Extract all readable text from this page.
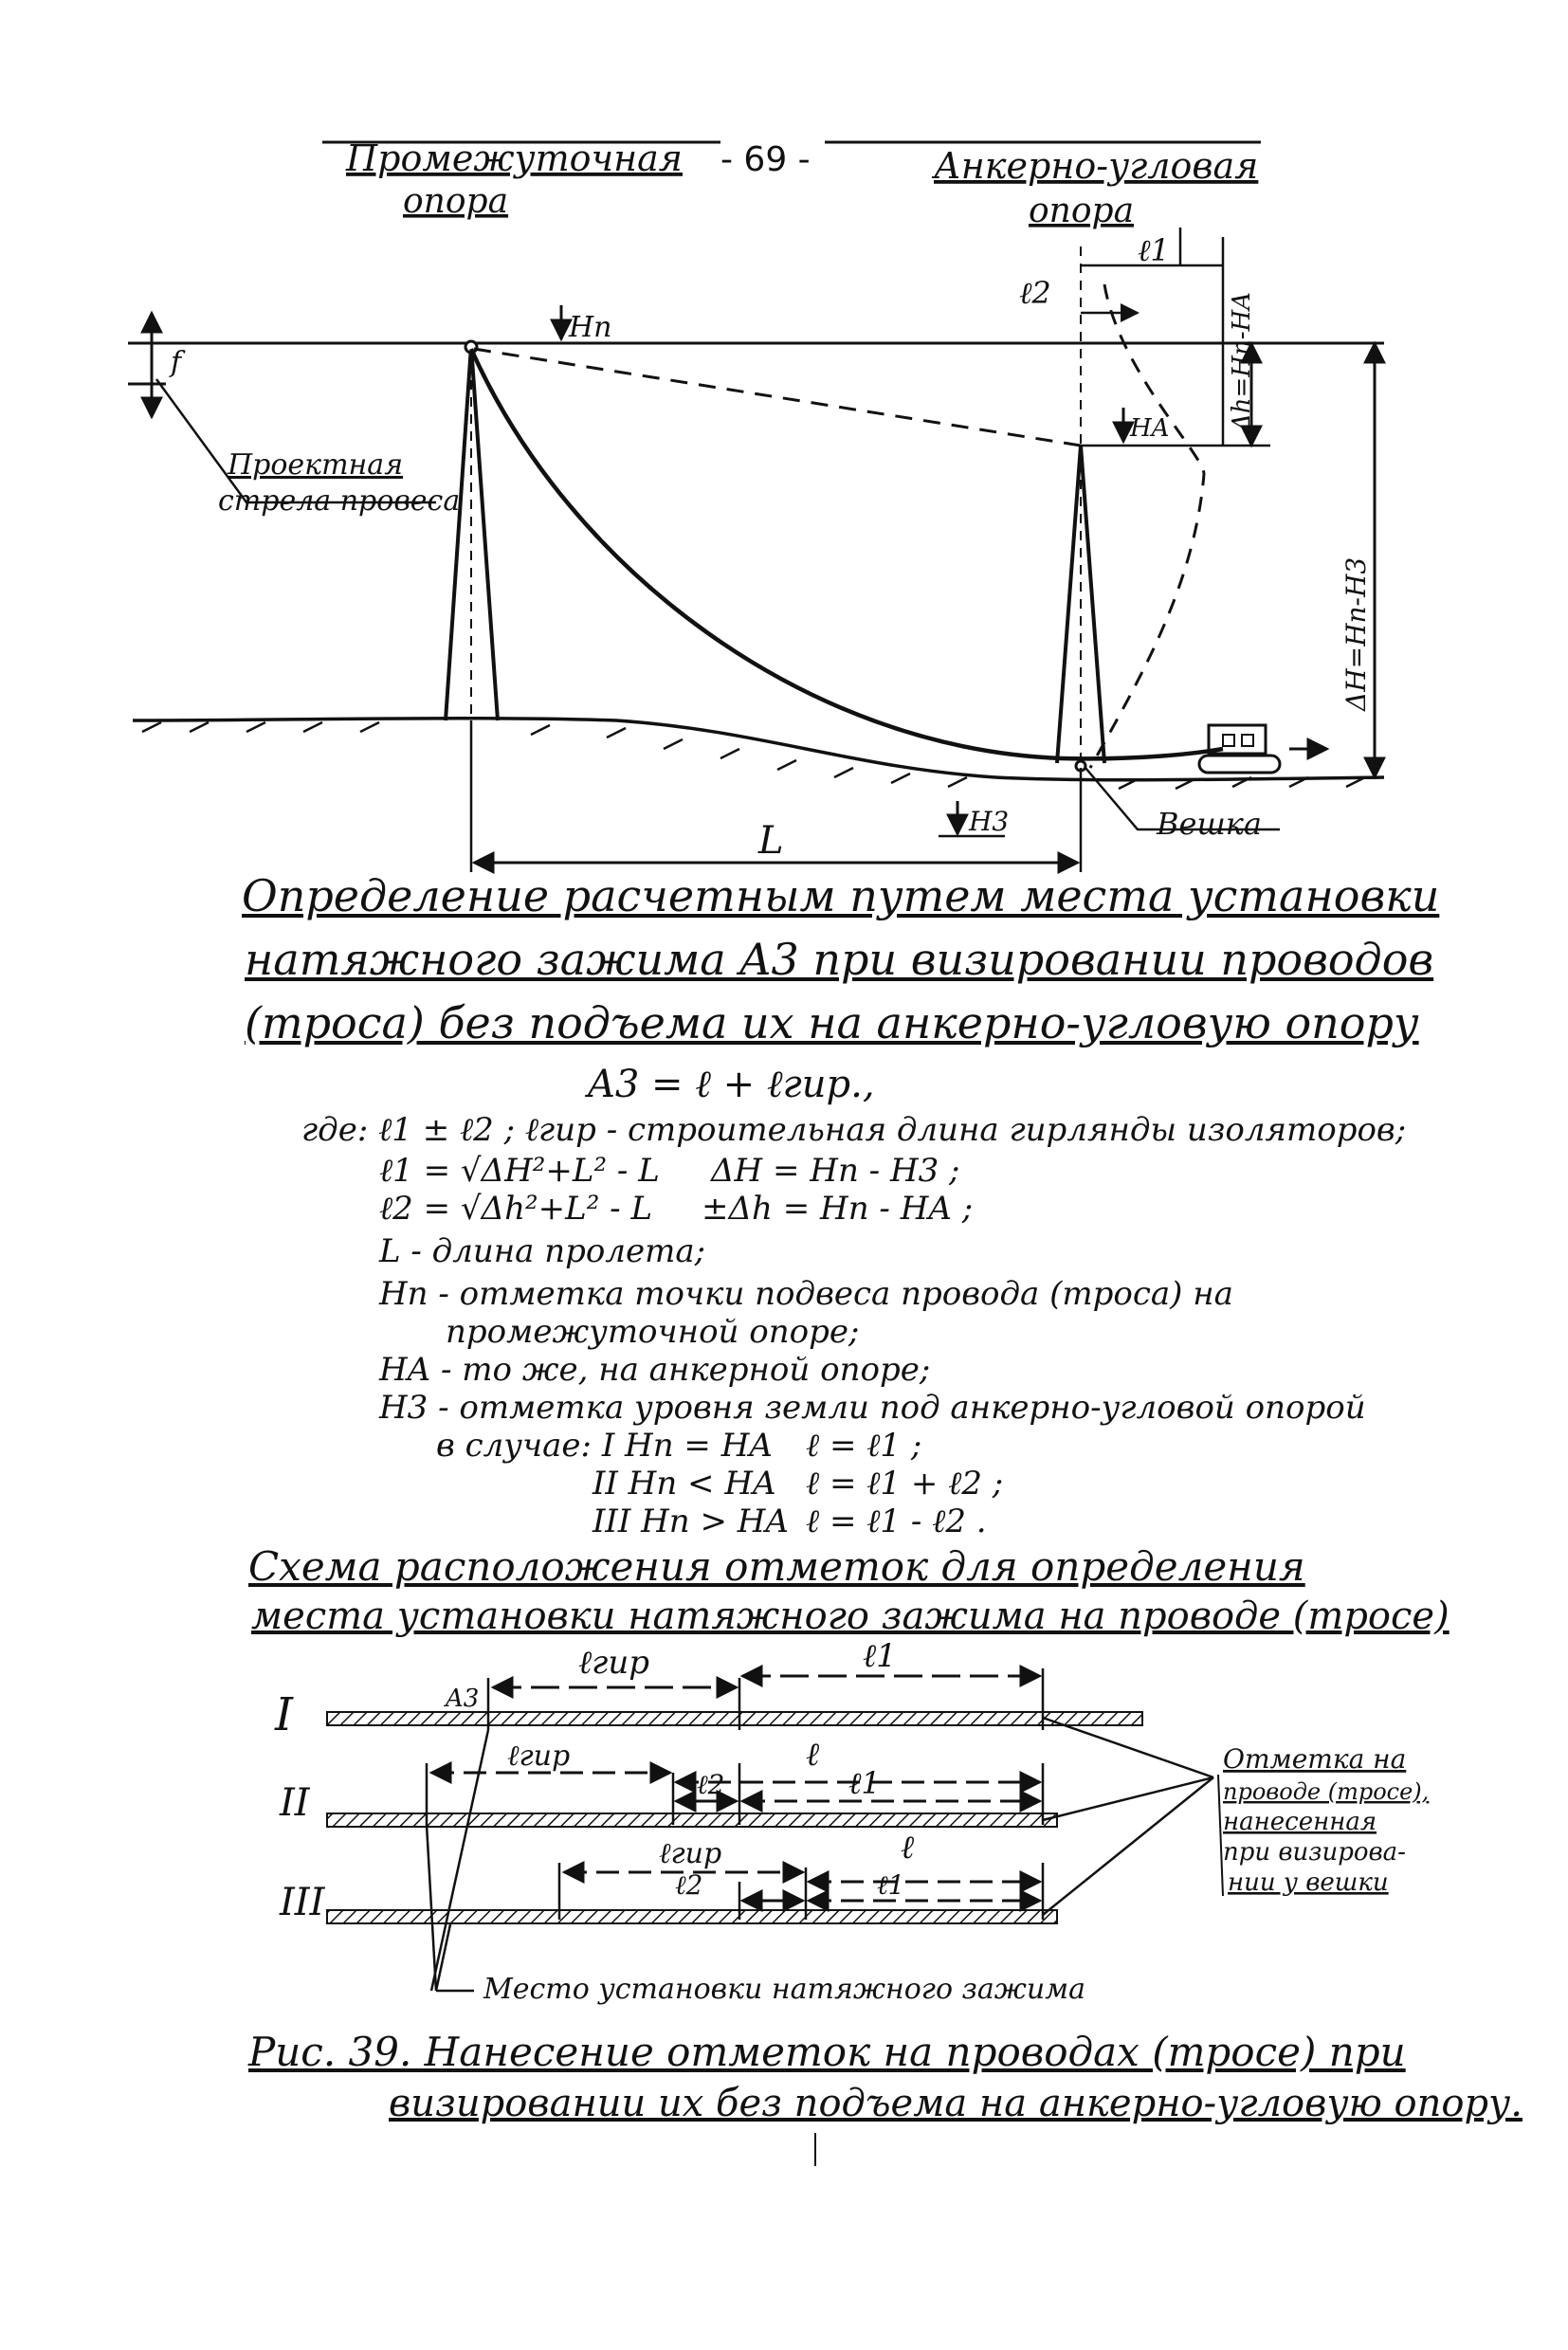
Промежуточная
опора
- 69 -	Анкерно-угловая
опора
f
Hn
Проектная
стрела провеса
ℓ1
ℓ2
HA Δh=Hn-HA
ΔH=Hn-H3
H3	Вешка
L
I
II
III
A3
ℓгир	ℓ1
ℓгир	ℓ
ℓ2	ℓ1
ℓгир	ℓ
ℓ2	ℓ1
Отметка на
проводе (тросе),
нанесенная
при визирова-
нии у вешки
Место установки натяжного зажима
Определение расчетным путем места установки
натяжного зажима A3 при визировании проводов
(троса) без подъема их на анкерно-угловую опору
A3 = ℓ + ℓгир.,
где: ℓ1 ± ℓ2 ; ℓгир - строительная длина гирлянды изоляторов;
ℓ1 = √ΔH²+L² - L ΔH = Hn - H3 ;
ℓ2 = √Δh²+L² - L ±Δh = Hn - HA ;
L - длина пролета;
Hn - отметка точки подвеса провода (троса) на
промежуточной опоре;
HA - то же, на анкерной опоре;
H3 - отметка уровня земли под анкерно-угловой опорой
в случае: I Hn = HA ℓ = ℓ1 ;
II Hn < HA ℓ = ℓ1 + ℓ2 ;
III Hn > HA ℓ = ℓ1 - ℓ2 .
Схема расположения отметок для определения
места установки натяжного зажима на проводе (тросе)
Рис. 39. Нанесение отметок на проводах (тросе) при
визировании их без подъема на анкерно-угловую опору.
